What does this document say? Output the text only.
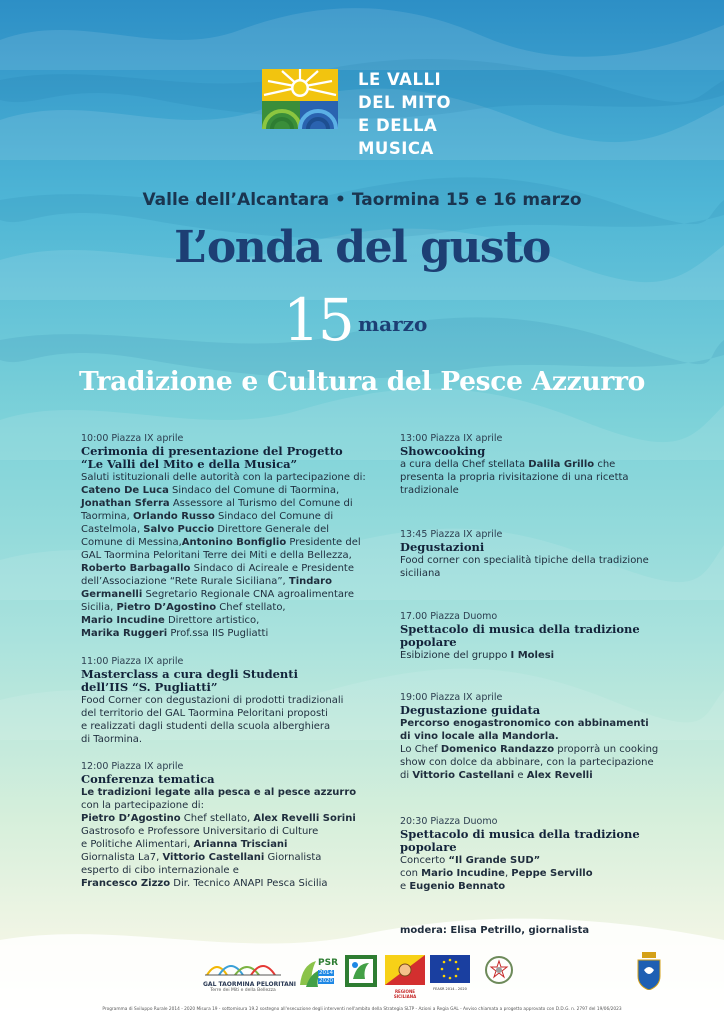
LE VALLI
DEL MITO
E DELLA
MUSICA
Valle dell’Alcantara • Taormina 15 e 16 marzo
L’onda del gusto
15 marzo
Tradizione e Cultura del Pesce Azzurro
10:00 Piazza IX aprile
Cerimonia di presentazione del Progetto
“Le Valli del Mito e della Musica”
Saluti istituzionali delle autorità con la partecipazione di:
Cateno De Luca Sindaco del Comune di Taormina,
Jonathan Sferra Assessore al Turismo del Comune di
Taormina, Orlando Russo Sindaco del Comune di
Castelmola, Salvo Puccio Direttore Generale del
Comune di Messina,Antonino Bonfiglio Presidente del
GAL Taormina Peloritani Terre dei Miti e della Bellezza,
Roberto Barbagallo Sindaco di Acireale e Presidente
dell’Associazione “Rete Rurale Siciliana”, Tindaro
Germanelli Segretario Regionale CNA agroalimentare
Sicilia, Pietro D’Agostino Chef stellato,
Mario Incudine Direttore artistico,
Marika Ruggeri Prof.ssa IIS Pugliatti
11:00 Piazza IX aprile
Masterclass a cura degli Studenti
dell’IIS “S. Pugliatti”
Food Corner con degustazioni di prodotti tradizionali
del territorio del GAL Taormina Peloritani proposti
e realizzati dagli studenti della scuola alberghiera
di Taormina.
12:00 Piazza IX aprile
Conferenza tematica
Le tradizioni legate alla pesca e al pesce azzurro
con la partecipazione di:
Pietro D’Agostino Chef stellato, Alex Revelli Sorini
Gastrosofo e Professore Universitario di Culture
e Politiche Alimentari, Arianna Trisciani
Giornalista La7, Vittorio Castellani Giornalista
esperto di cibo internazionale e
Francesco Zizzo Dir. Tecnico ANAPI Pesca Sicilia
13:00 Piazza IX aprile
Showcooking
a cura della Chef stellata Dalila Grillo che
presenta la propria rivisitazione di una ricetta
tradizionale
13:45 Piazza IX aprile
Degustazioni
Food corner con specialità tipiche della tradizione
siciliana
17.00 Piazza Duomo
Spettacolo di musica della tradizione
popolare
Esibizione del gruppo I Molesi
19:00 Piazza IX aprile
Degustazione guidata
Percorso enogastronomico con abbinamenti
di vino locale alla Mandorla.
Lo Chef Domenico Randazzo proporrà un cooking
show con dolce da abbinare, con la partecipazione
di Vittorio Castellani e Alex Revelli
20:30 Piazza Duomo
Spettacolo di musica della tradizione
popolare
Concerto “Il Grande SUD”
con Mario Incudine, Peppe Servillo
e Eugenio Bennato
modera: Elisa Petrillo, giornalista
GAL TAORMINA PELORITANI
Terre dei Miti e della Bellezza
PSR
2014
2020
REGIONE SICILIANA
FEASR 2014 - 2020
Programma di Sviluppo Rurale 2014 - 2020 Misura 19 - sottomisura 19.2 sostegno all'esecuzione degli interventi nell'ambito della Strategia SLTP - Azioni a Regia GAL - Avviso chiamata a progetto approvato con D.D.G. n. 2797 del 19/06/2023
